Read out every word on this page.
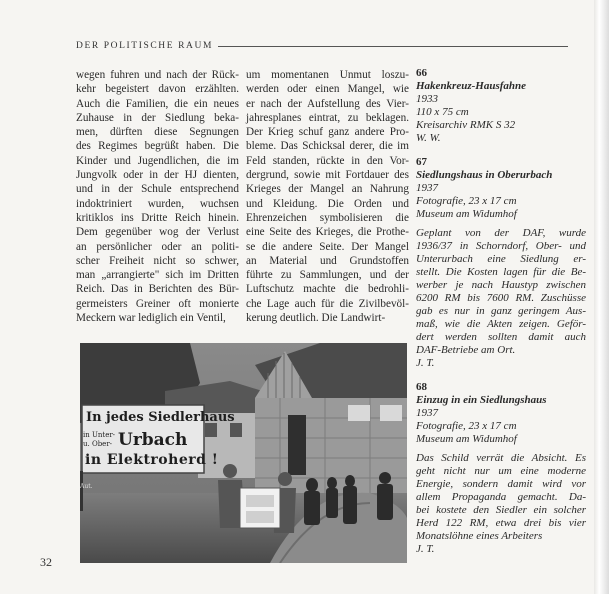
DER POLITISCHE RAUM

wegen fuhren und nach der Rück-
kehr begeistert davon erzählten.
Auch die Familien, die ein neues
Zuhause in der Siedlung beka-
men, dürften diese Segnungen
des Regimes begrüßt haben. Die
Kinder und Jugendlichen, die im
Jungvolk oder in der HJ dienten,
und in der Schule entsprechend
indoktriniert wurden, wuchsen
kritiklos ins Dritte Reich hinein.
Dem gegenüber wog der Verlust
an persönlicher oder an politi-
scher Freiheit nicht so schwer,
man „arrangierte" sich im Dritten
Reich. Das in Berichten des Bür-
germeisters Greiner oft monierte
Meckern war lediglich ein Ventil,

um momentanen Unmut loszu-
werden oder einen Mangel, wie
er nach der Aufstellung des Vier-
jahresplanes eintrat, zu beklagen.
Der Krieg schuf ganz andere Pro-
bleme. Das Schicksal derer, die im
Feld standen, rückte in den Vor-
dergrund, sowie mit Fortdauer des
Krieges der Mangel an Nahrung
und Kleidung. Die Orden und
Ehrenzeichen symbolisieren die
eine Seite des Krieges, die Prothe-
se die andere Seite. Der Mangel
an Material und Grundstoffen
führte zu Sammlungen, und der
Luftschutz machte die bedrohli-
che Lage auch für die Zivilbevöl-
kerung deutlich. Die Landwirt-

66
Hakenkreuz-Hausfahne
1933
110 x 75 cm
Kreisarchiv RMK S 32
W. W.
67
Siedlungshaus in Oberurbach
1937
Fotografie, 23 x 17 cm
Museum am Widumhof
Geplant von der DAF, wurde
1936/37 in Schorndorf, Ober- und
Unterurbach eine Siedlung er-
stellt. Die Kosten lagen für die Be-
werber je nach Haustyp zwischen
6200 RM bis 7600 RM. Zuschüsse
gab es nur in ganz geringem Aus-
maß, wie die Akten zeigen. Geför-
dert werden sollten damit auch
DAF-Betriebe am Ort.
J. T.
68
Einzug in ein Siedlungshaus
1937
Fotografie, 23 x 17 cm
Museum am Widumhof
Das Schild verrät die Absicht. Es
geht nicht nur um eine moderne
Energie, sondern damit wird vor
allem Propaganda gemacht. Da-
bei kostete den Siedler ein solcher
Herd 122 RM, etwa drei bis vier
Monatslöhne eines Arbeiters
J. T.
In jedes Siedlerhaus
in Unter-
u. Ober- Urbach
in Elektroherd !
Aut.
32
